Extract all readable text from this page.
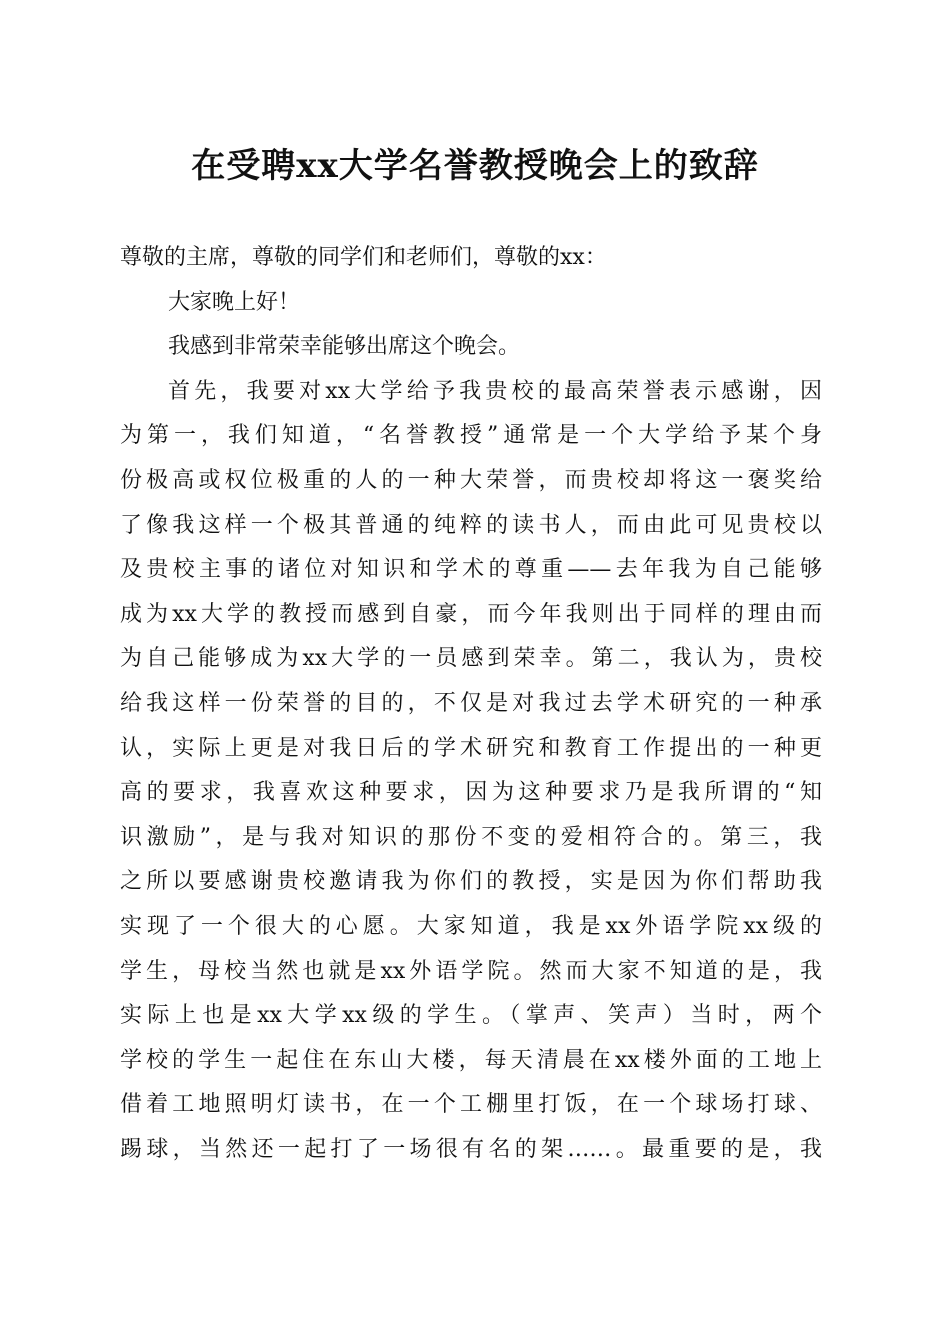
在受聘xx大学名誉教授晚会上的致辞
尊敬的主席，尊敬的同学们和老师们，尊敬的xx：
大家晚上好！
我感到非常荣幸能够出席这个晚会。
首先，我要对xx大学给予我贵校的最高荣誉表示感谢，因
为第一，我们知道，“名誉教授”通常是一个大学给予某个身
份极高或权位极重的人的一种大荣誉，而贵校却将这一褒奖给
了像我这样一个极其普通的纯粹的读书人，而由此可见贵校以
及贵校主事的诸位对知识和学术的尊重——去年我为自己能够
成为xx大学的教授而感到自豪，而今年我则出于同样的理由而
为自己能够成为xx大学的一员感到荣幸。第二，我认为，贵校
给我这样一份荣誉的目的，不仅是对我过去学术研究的一种承
认，实际上更是对我日后的学术研究和教育工作提出的一种更
高的要求，我喜欢这种要求，因为这种要求乃是我所谓的“知
识激励”，是与我对知识的那份不变的爱相符合的。第三，我
之所以要感谢贵校邀请我为你们的教授，实是因为你们帮助我
实现了一个很大的心愿。大家知道，我是xx外语学院xx级的
学生，母校当然也就是xx外语学院。然而大家不知道的是，我
实际上也是xx大学xx级的学生。（掌声、笑声）当时，两个
学校的学生一起住在东山大楼，每天清晨在xx楼外面的工地上
借着工地照明灯读书，在一个工棚里打饭，在一个球场打球、
踢球，当然还一起打了一场很有名的架……。最重要的是，我
